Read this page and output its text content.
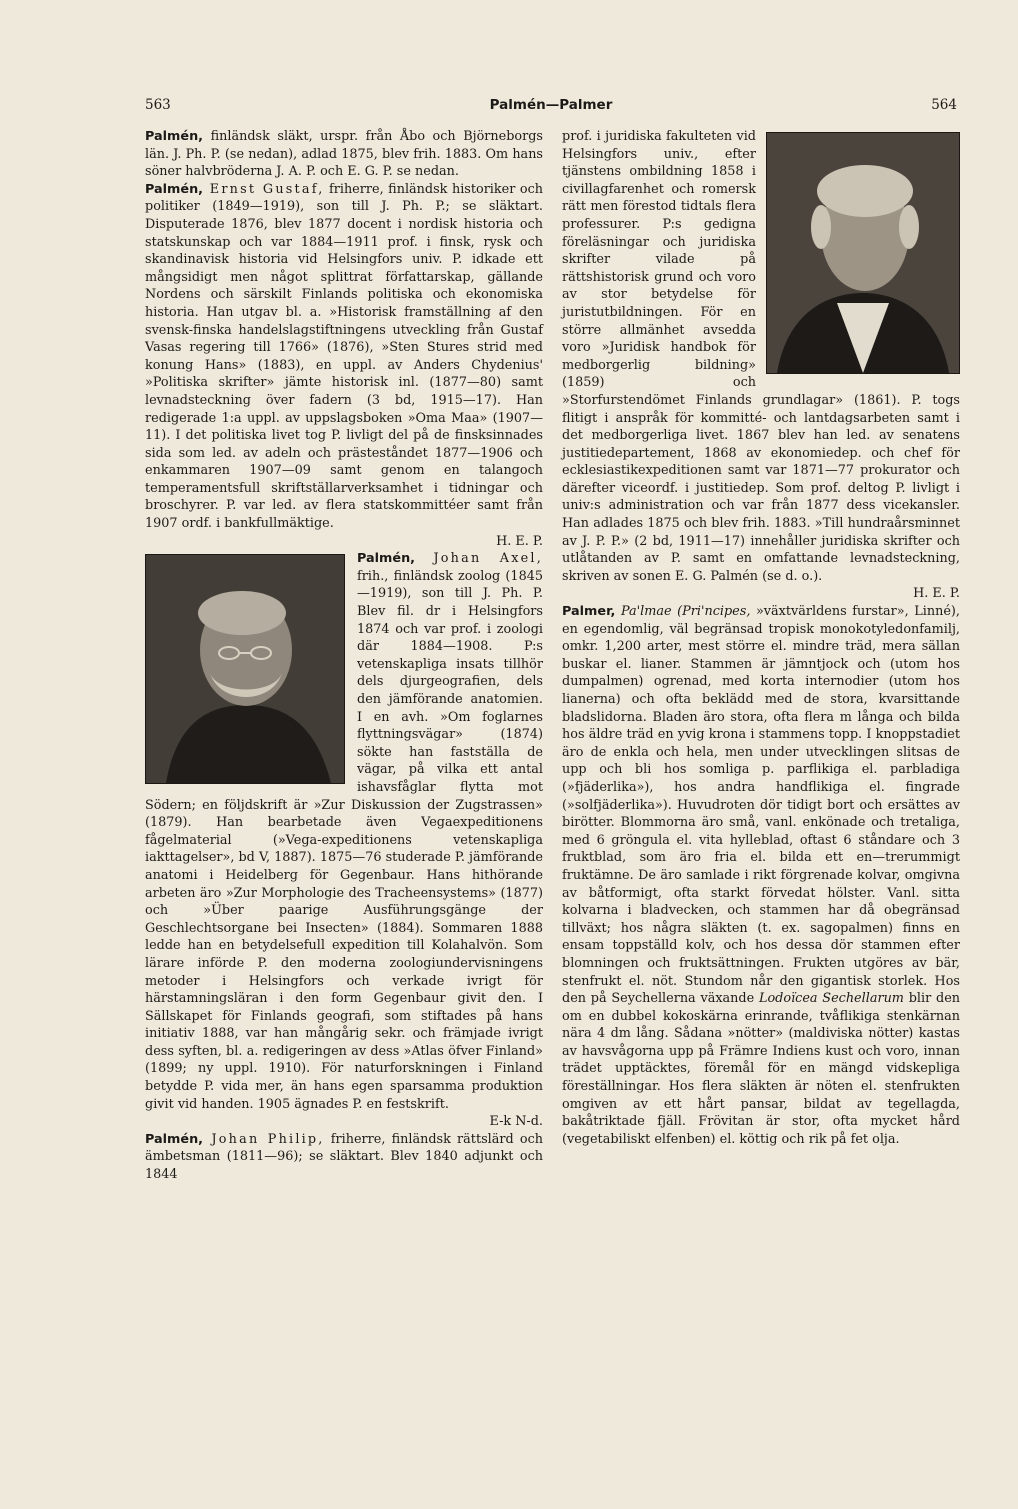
563	Palmén—Palmer	564

Palmén, finländsk släkt, urspr. från Åbo och Björneborgs län. J. Ph. P. (se nedan), adlad 1875, blev frih. 1883. Om hans söner halvbröderna J. A. P. och E. G. P. se nedan.

Palmén, Ernst Gustaf, friherre, finländsk historiker och politiker (1849—1919), son till J. Ph. P.; se släktart. Disputerade 1876, blev 1877 docent i nordisk historia och statskunskap och var 1884—1911 prof. i finsk, rysk och skandinavisk historia vid Helsingfors univ. P. idkade ett mångsidigt men något splittrat författarskap, gällande Nordens och särskilt Finlands politiska och ekonomiska historia. Han utgav bl. a. »Historisk framställning af den svensk-finska handelslagstiftningens utveckling från Gustaf Vasas regering till 1766» (1876), »Sten Stures strid med konung Hans» (1883), en uppl. av Anders Chydenius' »Politiska skrifter» jämte historisk inl. (1877—80) samt levnadsteckning över fadern (3 bd, 1915—17). Han redigerade 1:a uppl. av uppslagsboken »Oma Maa» (1907—11). I det politiska livet tog P. livligt del på de finsksinnades sida som led. av adeln och prästeståndet 1877—1906 och enkammaren 1907—09 samt genom en talangoch temperamentsfull skriftställarverksamhet i tidningar och broschyrer. P. var led. av flera statskommittéer samt från 1907 ordf. i bankfullmäktige.
H. E. P.

Palmén, Johan Axel,
frih., finländsk zoolog (1845—1919), son till J. Ph. P. Blev fil. dr i Helsingfors 1874 och var prof. i zoologi där 1884—1908. P:s vetenskapliga insats tillhör dels djurgeografien, dels den jämförande anatomien. I en avh. »Om foglarnes flyttningsvägar» (1874) sökte han fastställa de vägar, på vilka ett antal ishavsfåglar flytta mot Södern; en följdskrift är »Zur Diskussion der Zugstrassen» (1879). Han bearbetade även Vegaexpeditionens fågelmaterial (»Vega-expeditionens vetenskapliga iakttagelser», bd V, 1887). 1875—76 studerade P. jämförande anatomi i Heidelberg för Gegenbaur. Hans hithörande arbeten äro »Zur Morphologie des Tracheensystems» (1877) och »Über paarige Ausführungsgänge der Geschlechtsorgane bei Insecten» (1884). Sommaren 1888 ledde han en betydelsefull expedition till Kolahalvön. Som lärare införde P. den moderna zoologiundervisningens metoder i Helsingfors och verkade ivrigt för härstamningsläran i den form Gegenbaur givit den. I Sällskapet för Finlands geografi, som stiftades på hans initiativ 1888, var han mångårig sekr. och främjade ivrigt dess syften, bl. a. redigeringen av dess »Atlas öfver Finland» (1899; ny uppl. 1910). För naturforskningen i Finland betydde P. vida mer, än hans egen sparsamma produktion givit vid handen. 1905 ägnades P. en festskrift.
E-k N-d.

Palmén, Johan Philip, friherre, finländsk rättslärd och ämbetsman (1811—96); se släktart. Blev 1840 adjunkt och 1844

prof. i juridiska fakulteten vid Helsingfors univ., efter tjänstens ombildning 1858 i civillagfarenhet och romersk rätt men förestod tidtals flera professurer. P:s gedigna föreläsningar och juridiska skrifter vilade på rättshistorisk grund och voro av stor betydelse för juristutbildningen. För en större allmänhet avsedda voro »Juridisk handbok för medborgerlig bildning» (1859) och »Storfurstendömet Finlands grundlagar» (1861). P. togs flitigt i anspråk för kommitté- och lantdagsarbeten samt i det medborgerliga livet. 1867 blev han led. av senatens justitiedepartement, 1868 av ekonomiedep. och chef för ecklesiastikexpeditionen samt var 1871—77 prokurator och därefter viceordf. i justitiedep. Som prof. deltog P. livligt i univ:s administration och var från 1877 dess vicekansler. Han adlades 1875 och blev frih. 1883. »Till hundraårsminnet av J. P. P.» (2 bd, 1911—17) innehåller juridiska skrifter och utlåtanden av P. samt en omfattande levnadsteckning, skriven av sonen E. G. Palmén (se d. o.).
H. E. P.

Palmer, Pa'lmae (Pri'ncipes, »växtvärldens furstar», Linné), en egendomlig, väl begränsad tropisk monokotyledonfamilj, omkr. 1,200 arter, mest större el. mindre träd, mera sällan buskar el. lianer. Stammen är jämntjock och (utom hos dumpalmen) ogrenad, med korta internodier (utom hos lianerna) och ofta beklädd med de stora, kvarsittande bladslidorna. Bladen äro stora, ofta flera m långa och bilda hos äldre träd en yvig krona i stammens topp. I knoppstadiet äro de enkla och hela, men under utvecklingen slitsas de upp och bli hos somliga p. parflikiga el. parbladiga (»fjäderlika»), hos andra handflikiga el. fingrade (»solfjäderlika»). Huvudroten dör tidigt bort och ersättes av birötter. Blommorna äro små, vanl. enkönade och tretaliga, med 6 gröngula el. vita hylleblad, oftast 6 ståndare och 3 fruktblad, som äro fria el. bilda ett en—trerummigt fruktämne. De äro samlade i rikt förgrenade kolvar, omgivna av båtformigt, ofta starkt förvedat hölster. Vanl. sitta kolvarna i bladvecken, och stammen har då obegränsad tillväxt; hos några släkten (t. ex. sagopalmen) finns en ensam toppställd kolv, och hos dessa dör stammen efter blomningen och fruktsättningen. Frukten utgöres av bär, stenfrukt el. nöt. Stundom når den gigantisk storlek. Hos den på Seychellerna växande Lodoïcea Sechellarum blir den om en dubbel kokoskärna erinrande, tvåflikiga stenkärnan nära 4 dm lång. Sådana »nötter» (maldiviska nötter) kastas av havsvågorna upp på Främre Indiens kust och voro, innan trädet upptäcktes, föremål för en mängd vidskepliga föreställningar. Hos flera släkten är nöten el. stenfrukten omgiven av ett hårt pansar, bildat av tegellagda, bakåtriktade fjäll. Frövitan är stor, ofta mycket hård (vegetabiliskt elfenben) el. köttig och rik på fet olja.
